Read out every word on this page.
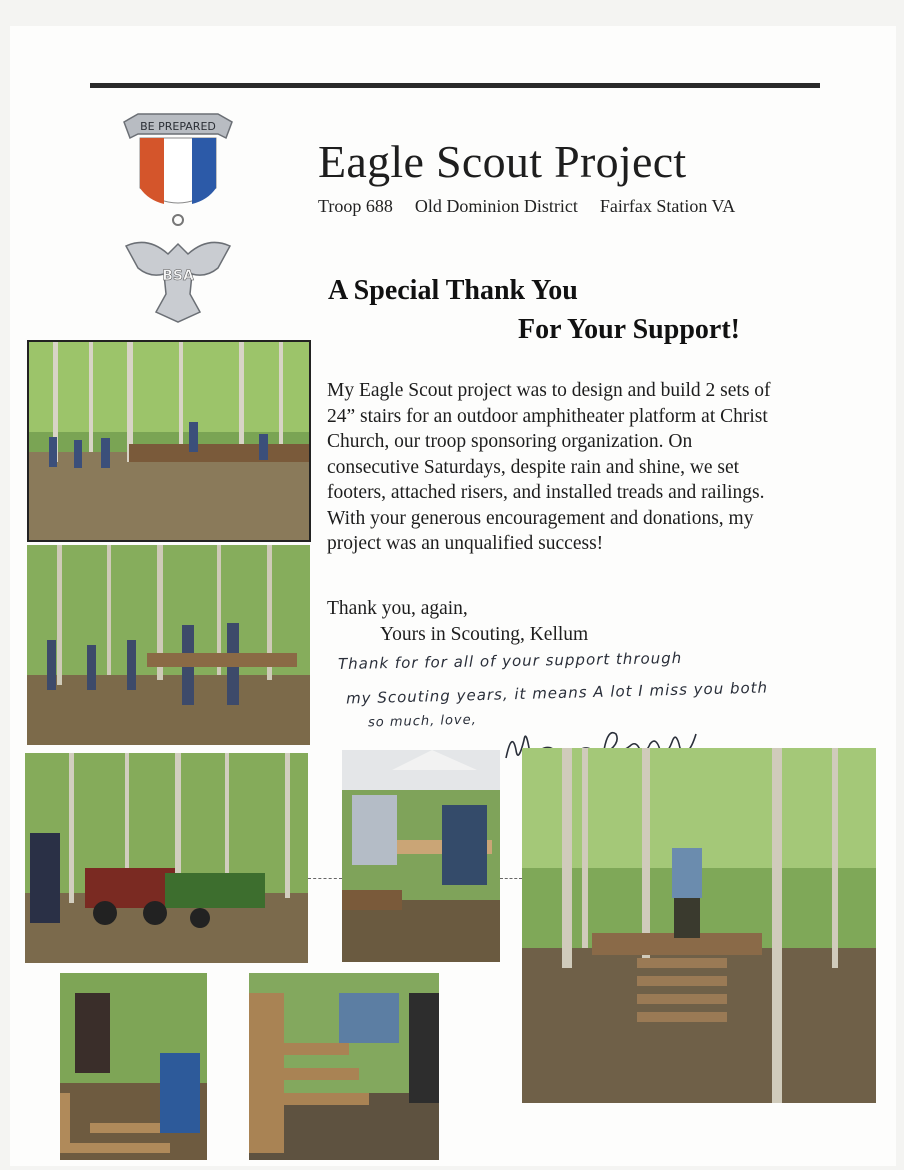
BE PREPARED
BSA
Eagle Scout Project
Troop 688 Old Dominion District Fairfax Station VA
A Special Thank You
For Your Support!
My Eagle Scout project was to design and build 2 sets of
24” stairs for an outdoor amphitheater platform at Christ
Church, our troop sponsoring organization. On
consecutive Saturdays, despite rain and shine, we set
footers, attached risers, and installed treads and railings.
With your generous encouragement and donations, my
project was an unqualified success!
Thank you, again,
Yours in Scouting, Kellum
Thank for for all of your support through
my Scouting years, it means A lot I miss you both
so much, love,
